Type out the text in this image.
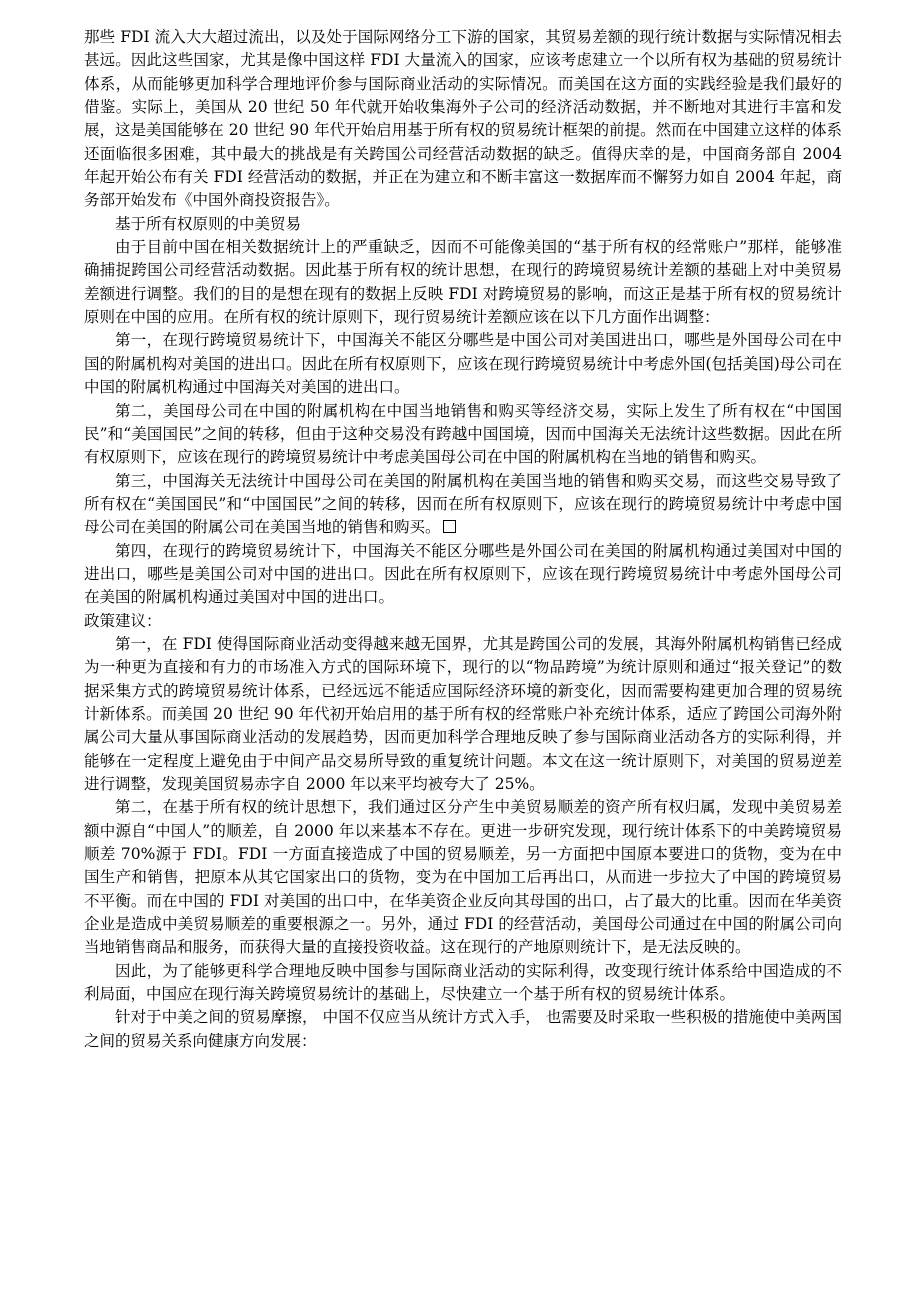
那些 FDI 流入大大超过流出，以及处于国际网络分工下游的国家，其贸易差额的现行统计数据与实际情况相去甚远。因此这些国家，尤其是像中国这样 FDI 大量流入的国家，应该考虑建立一个以所有权为基础的贸易统计体系，从而能够更加科学合理地评价参与国际商业活动的实际情况。而美国在这方面的实践经验是我们最好的借鉴。实际上，美国从 20 世纪 50 年代就开始收集海外子公司的经济活动数据，并不断地对其进行丰富和发展，这是美国能够在 20 世纪 90 年代开始启用基于所有权的贸易统计框架的前提。然而在中国建立这样的体系还面临很多困难，其中最大的挑战是有关跨国公司经营活动数据的缺乏。值得庆幸的是，中国商务部自 2004 年起开始公布有关 FDI 经营活动的数据，并正在为建立和不断丰富这一数据库而不懈努力如自 2004 年起，商务部开始发布《中国外商投资报告》。

基于所有权原则的中美贸易

由于目前中国在相关数据统计上的严重缺乏，因而不可能像美国的“基于所有权的经常账户”那样，能够准确捕捉跨国公司经营活动数据。因此基于所有权的统计思想，在现行的跨境贸易统计差额的基础上对中美贸易差额进行调整。我们的目的是想在现有的数据上反映 FDI 对跨境贸易的影响，而这正是基于所有权的贸易统计原则在中国的应用。在所有权的统计原则下，现行贸易统计差额应该在以下几方面作出调整：

第一，在现行跨境贸易统计下，中国海关不能区分哪些是中国公司对美国进出口，哪些是外国母公司在中国的附属机构对美国的进出口。因此在所有权原则下，应该在现行跨境贸易统计中考虑外国(包括美国)母公司在中国的附属机构通过中国海关对美国的进出口。

第二，美国母公司在中国的附属机构在中国当地销售和购买等经济交易，实际上发生了所有权在“中国国民”和“美国国民”之间的转移，但由于这种交易没有跨越中国国境，因而中国海关无法统计这些数据。因此在所有权原则下，应该在现行的跨境贸易统计中考虑美国母公司在中国的附属机构在当地的销售和购买。

第三，中国海关无法统计中国母公司在美国的附属机构在美国当地的销售和购买交易，而这些交易导致了所有权在“美国国民”和“中国国民”之间的转移，因而在所有权原则下，应该在现行的跨境贸易统计中考虑中国母公司在美国的附属公司在美国当地的销售和购买。

第四，在现行的跨境贸易统计下，中国海关不能区分哪些是外国公司在美国的附属机构通过美国对中国的进出口，哪些是美国公司对中国的进出口。因此在所有权原则下，应该在现行跨境贸易统计中考虑外国母公司在美国的附属机构通过美国对中国的进出口。

政策建议：

第一，在 FDI 使得国际商业活动变得越来越无国界，尤其是跨国公司的发展，其海外附属机构销售已经成为一种更为直接和有力的市场准入方式的国际环境下，现行的以“物品跨境”为统计原则和通过“报关登记”的数据采集方式的跨境贸易统计体系，已经远远不能适应国际经济环境的新变化，因而需要构建更加合理的贸易统计新体系。而美国 20 世纪 90 年代初开始启用的基于所有权的经常账户补充统计体系，适应了跨国公司海外附属公司大量从事国际商业活动的发展趋势，因而更加科学合理地反映了参与国际商业活动各方的实际利得，并能够在一定程度上避免由于中间产品交易所导致的重复统计问题。本文在这一统计原则下，对美国的贸易逆差进行调整，发现美国贸易赤字自 2000 年以来平均被夸大了 25%。

第二，在基于所有权的统计思想下，我们通过区分产生中美贸易顺差的资产所有权归属，发现中美贸易差额中源自“中国人”的顺差，自 2000 年以来基本不存在。更进一步研究发现，现行统计体系下的中美跨境贸易顺差 70%源于 FDI。FDI 一方面直接造成了中国的贸易顺差，另一方面把中国原本要进口的货物，变为在中国生产和销售，把原本从其它国家出口的货物，变为在中国加工后再出口，从而进一步拉大了中国的跨境贸易不平衡。而在中国的 FDI 对美国的出口中，在华美资企业反向其母国的出口，占了最大的比重。因而在华美资企业是造成中美贸易顺差的重要根源之一。另外，通过 FDI 的经营活动，美国母公司通过在中国的附属公司向当地销售商品和服务，而获得大量的直接投资收益。这在现行的产地原则统计下，是无法反映的。

因此，为了能够更科学合理地反映中国参与国际商业活动的实际利得，改变现行统计体系给中国造成的不利局面，中国应在现行海关跨境贸易统计的基础上，尽快建立一个基于所有权的贸易统计体系。

针对于中美之间的贸易摩擦， 中国不仅应当从统计方式入手， 也需要及时采取一些积极的措施使中美两国之间的贸易关系向健康方向发展：
